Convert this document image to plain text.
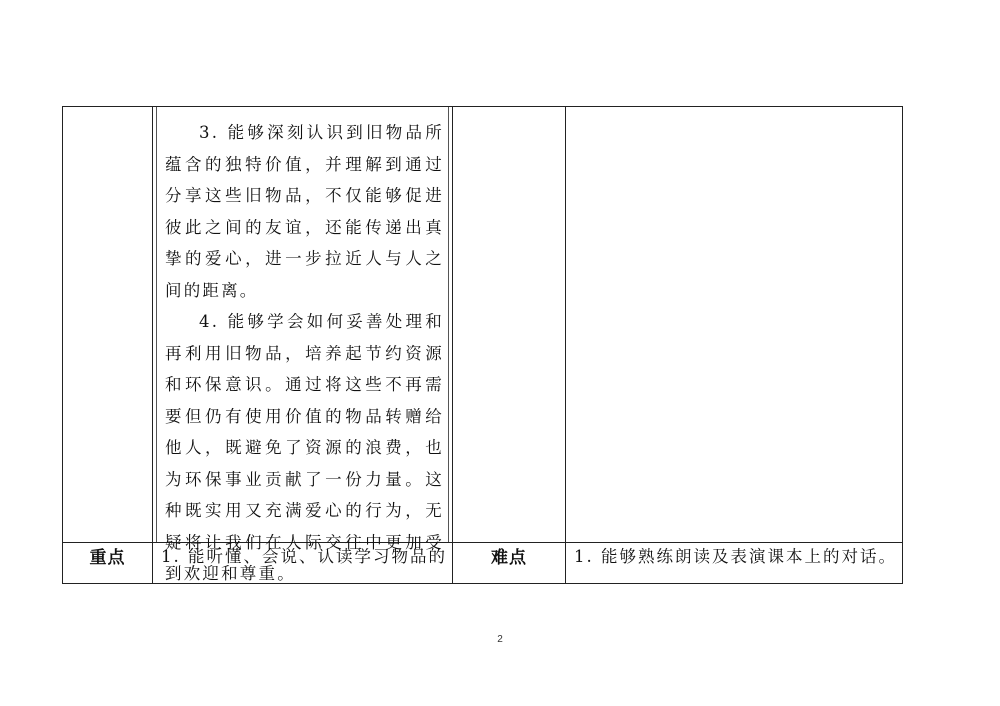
	3. 能够深刻认识到旧物品所蕴含的独特价值，并理解到通过分享这些旧物品，不仅能够促进彼此之间的友谊，还能传递出真挚的爱心，进一步拉近人与人之间的距离。

4. 能够学会如何妥善处理和再利用旧物品，培养起节约资源和环保意识。通过将这些不再需要但仍有使用价值的物品转赠给他人，既避免了资源的浪费，也为环保事业贡献了一份力量。这种既实用又充满爱心的行为，无疑将让我们在人际交往中更加受到欢迎和尊重。		

重点	1. 能听懂、会说、认读学习物品的	难点	1. 能够熟练朗读及表演课本上的对话。
2
